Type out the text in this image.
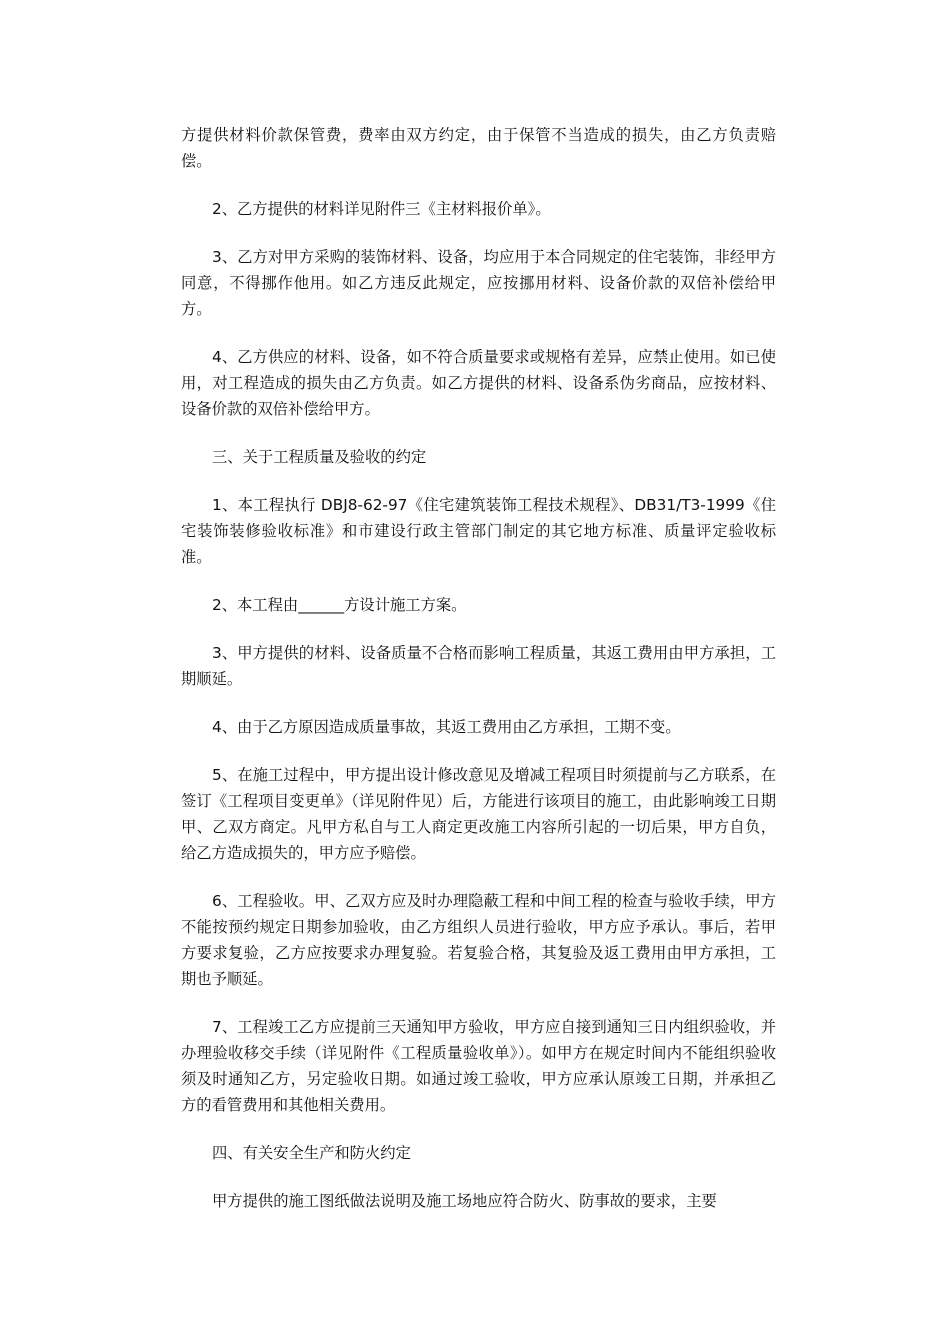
方提供材料价款保管费，费率由双方约定，由于保管不当造成的损失，由乙方负责赔偿。

2、乙方提供的材料详见附件三《主材料报价单》。

3、乙方对甲方采购的装饰材料、设备，均应用于本合同规定的住宅装饰，非经甲方同意，不得挪作他用。如乙方违反此规定，应按挪用材料、设备价款的双倍补偿给甲方。

4、乙方供应的材料、设备，如不符合质量要求或规格有差异，应禁止使用。如已使用，对工程造成的损失由乙方负责。如乙方提供的材料、设备系伪劣商品，应按材料、设备价款的双倍补偿给甲方。

三、关于工程质量及验收的约定

1、本工程执行 DBJ8-62-97《住宅建筑装饰工程技术规程》、DB31/T3-1999《住宅装饰装修验收标准》和市建设行政主管部门制定的其它地方标准、质量评定验收标准。

2、本工程由______方设计施工方案。

3、甲方提供的材料、设备质量不合格而影响工程质量，其返工费用由甲方承担，工期顺延。

4、由于乙方原因造成质量事故，其返工费用由乙方承担，工期不变。

5、在施工过程中，甲方提出设计修改意见及增减工程项目时须提前与乙方联系，在签订《工程项目变更单》（详见附件见）后，方能进行该项目的施工，由此影响竣工日期甲、乙双方商定。凡甲方私自与工人商定更改施工内容所引起的一切后果，甲方自负，给乙方造成损失的，甲方应予赔偿。

6、工程验收。甲、乙双方应及时办理隐蔽工程和中间工程的检查与验收手续，甲方不能按预约规定日期参加验收，由乙方组织人员进行验收，甲方应予承认。事后，若甲方要求复验，乙方应按要求办理复验。若复验合格，其复验及返工费用由甲方承担，工期也予顺延。

7、工程竣工乙方应提前三天通知甲方验收，甲方应自接到通知三日内组织验收，并办理验收移交手续（详见附件《工程质量验收单》）。如甲方在规定时间内不能组织验收须及时通知乙方，另定验收日期。如通过竣工验收，甲方应承认原竣工日期，并承担乙方的看管费用和其他相关费用。

四、有关安全生产和防火约定

甲方提供的施工图纸做法说明及施工场地应符合防火、防事故的要求，主要
